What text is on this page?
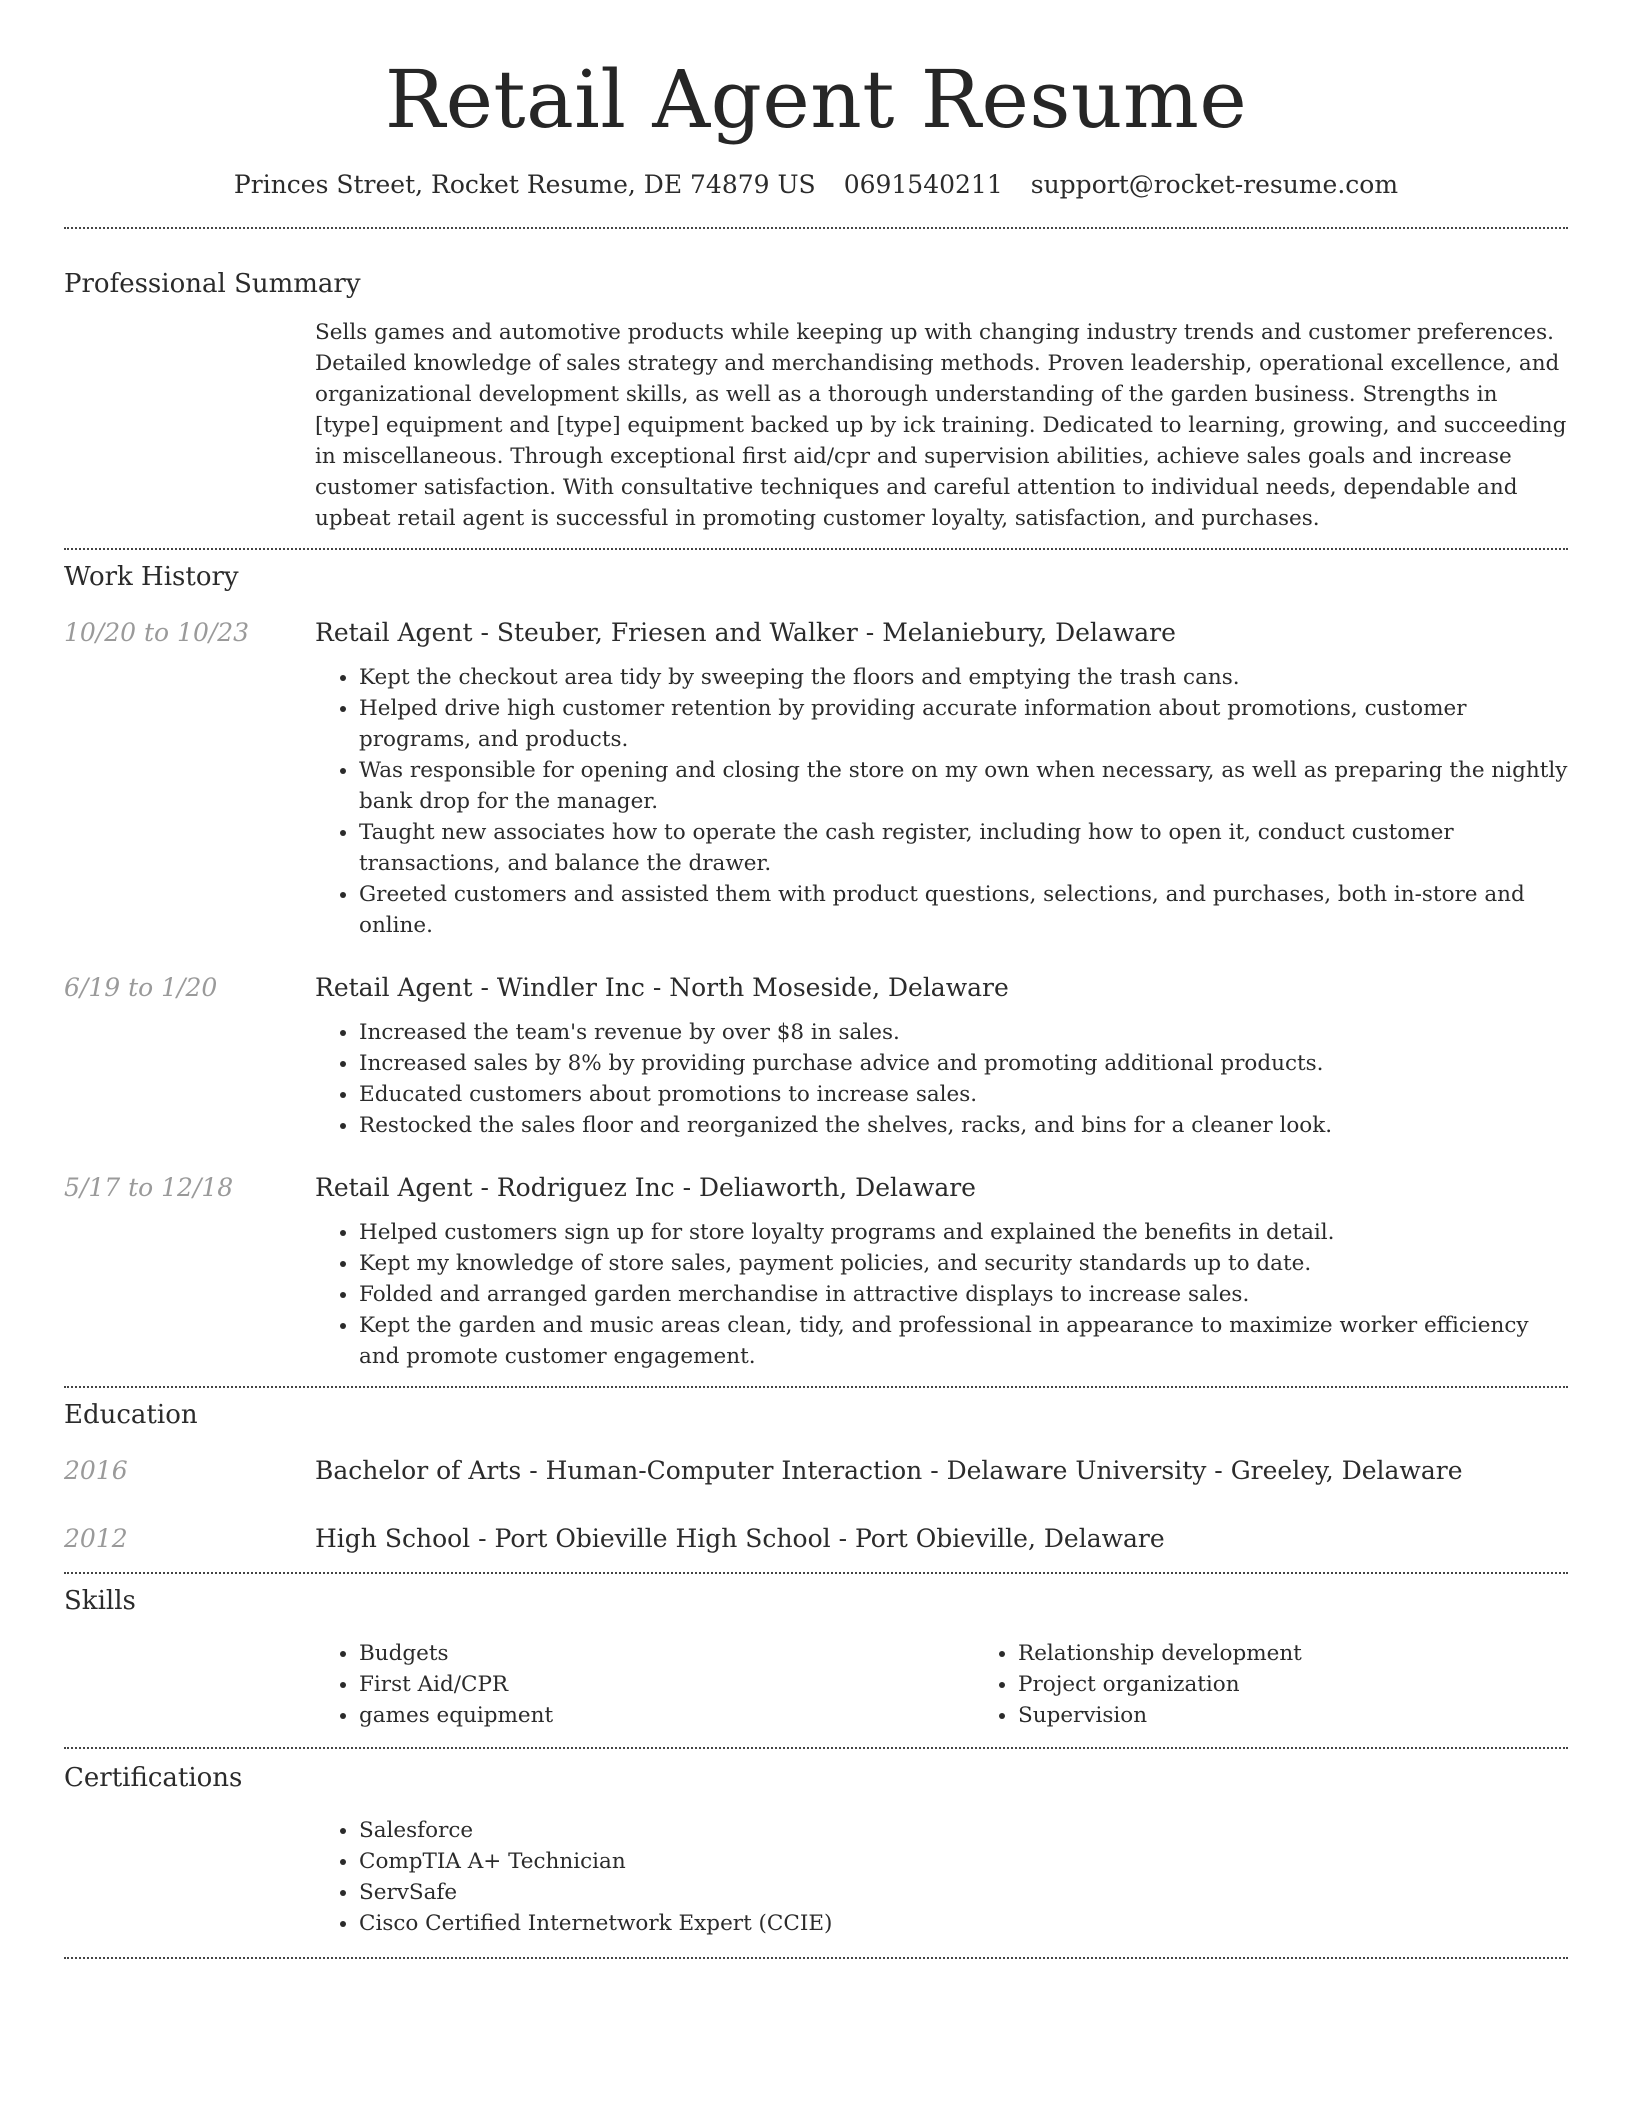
Retail Agent Resume
Princes Street, Rocket Resume, DE 74879 US 0691540211 support@rocket-resume.com
Professional Summary
Sells games and automotive products while keeping up with changing industry trends and customer preferences. Detailed knowledge of sales strategy and merchandising methods. Proven leadership, operational excellence, and organizational development skills, as well as a thorough understanding of the garden business. Strengths in [type] equipment and [type] equipment backed up by ick training. Dedicated to learning, growing, and succeeding in miscellaneous. Through exceptional first aid/cpr and supervision abilities, achieve sales goals and increase customer satisfaction. With consultative techniques and careful attention to individual needs, dependable and upbeat retail agent is successful in promoting customer loyalty, satisfaction, and purchases.
Work History
10/20 to 10/23	Retail Agent - Steuber, Friesen and Walker - Melaniebury, Delaware
• Kept the checkout area tidy by sweeping the floors and emptying the trash cans.
• Helped drive high customer retention by providing accurate information about promotions, customer programs, and products.
• Was responsible for opening and closing the store on my own when necessary, as well as preparing the nightly bank drop for the manager.
• Taught new associates how to operate the cash register, including how to open it, conduct customer transactions, and balance the drawer.
• Greeted customers and assisted them with product questions, selections, and purchases, both in-store and online.
6/19 to 1/20	Retail Agent - Windler Inc - North Moseside, Delaware
• Increased the team's revenue by over $8 in sales.
• Increased sales by 8% by providing purchase advice and promoting additional products.
• Educated customers about promotions to increase sales.
• Restocked the sales floor and reorganized the shelves, racks, and bins for a cleaner look.
5/17 to 12/18	Retail Agent - Rodriguez Inc - Deliaworth, Delaware
• Helped customers sign up for store loyalty programs and explained the benefits in detail.
• Kept my knowledge of store sales, payment policies, and security standards up to date.
• Folded and arranged garden merchandise in attractive displays to increase sales.
• Kept the garden and music areas clean, tidy, and professional in appearance to maximize worker efficiency and promote customer engagement.
Education
2016	Bachelor of Arts - Human-Computer Interaction - Delaware University - Greeley, Delaware
2012	High School - Port Obieville High School - Port Obieville, Delaware
Skills
• Budgets
• First Aid/CPR
• games equipment
• Relationship development
• Project organization
• Supervision
Certifications
• Salesforce
• CompTIA A+ Technician
• ServSafe
• Cisco Certified Internetwork Expert (CCIE)
